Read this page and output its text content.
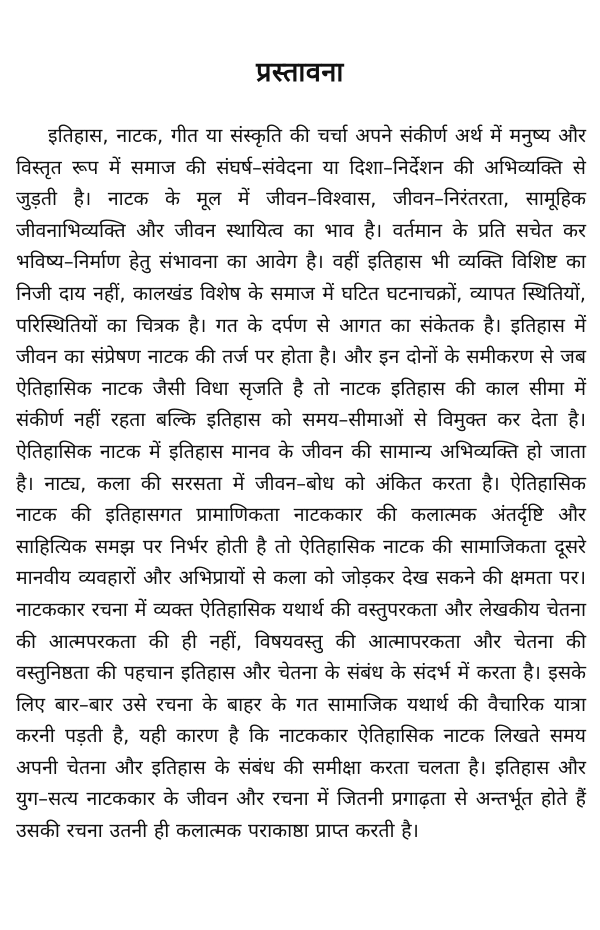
प्रस्तावना

इतिहास, नाटक, गीत या संस्कृति की चर्चा अपने संकीर्ण अर्थ में मनुष्य और विस्तृत रूप में समाज की संघर्ष–संवेदना या दिशा–निर्देशन की अभिव्यक्ति से जुड़ती है। नाटक के मूल में जीवन–विश्वास, जीवन–निरंतरता, सामूहिक जीवनाभिव्यक्ति और जीवन स्थायित्व का भाव है। वर्तमान के प्रति सचेत कर भविष्य–निर्माण हेतु संभावना का आवेग है। वहीं इतिहास भी व्यक्ति विशिष्ट का निजी दाय नहीं, कालखंड विशेष के समाज में घटित घटनाचक्रों, व्यापत स्थितियों, परिस्थितियों का चित्रक है। गत के दर्पण से आगत का संकेतक है। इतिहास में जीवन का संप्रेषण नाटक की तर्ज पर होता है। और इन दोनों के समीकरण से जब ऐतिहासिक नाटक जैसी विधा सृजति है तो नाटक इतिहास की काल सीमा में संकीर्ण नहीं रहता बल्कि इतिहास को समय–सीमाओं से विमुक्त कर देता है। ऐतिहासिक नाटक में इतिहास मानव के जीवन की सामान्य अभिव्यक्ति हो जाता है। नाट्य, कला की सरसता में जीवन–बोध को अंकित करता है। ऐतिहासिक नाटक की इतिहासगत प्रामाणिकता नाटककार की कलात्मक अंतर्दृष्टि और साहित्यिक समझ पर निर्भर होती है तो ऐतिहासिक नाटक की सामाजिकता दूसरे मानवीय व्यवहारों और अभिप्रायों से कला को जोड़कर देख सकने की क्षमता पर। नाटककार रचना में व्यक्त ऐतिहासिक यथार्थ की वस्तुपरकता और लेखकीय चेतना की आत्मपरकता की ही नहीं, विषयवस्तु की आत्मापरकता और चेतना की वस्तुनिष्ठता की पहचान इतिहास और चेतना के संबंध के संदर्भ में करता है। इसके लिए बार–बार उसे रचना के बाहर के गत सामाजिक यथार्थ की वैचारिक यात्रा करनी पड़ती है, यही कारण है कि नाटककार ऐतिहासिक नाटक लिखते समय अपनी चेतना और इतिहास के संबंध की समीक्षा करता चलता है। इतिहास और युग–सत्य नाटककार के जीवन और रचना में जितनी प्रगाढ़ता से अन्तर्भूत होते हैं उसकी रचना उतनी ही कलात्मक पराकाष्ठा प्राप्त करती है।
